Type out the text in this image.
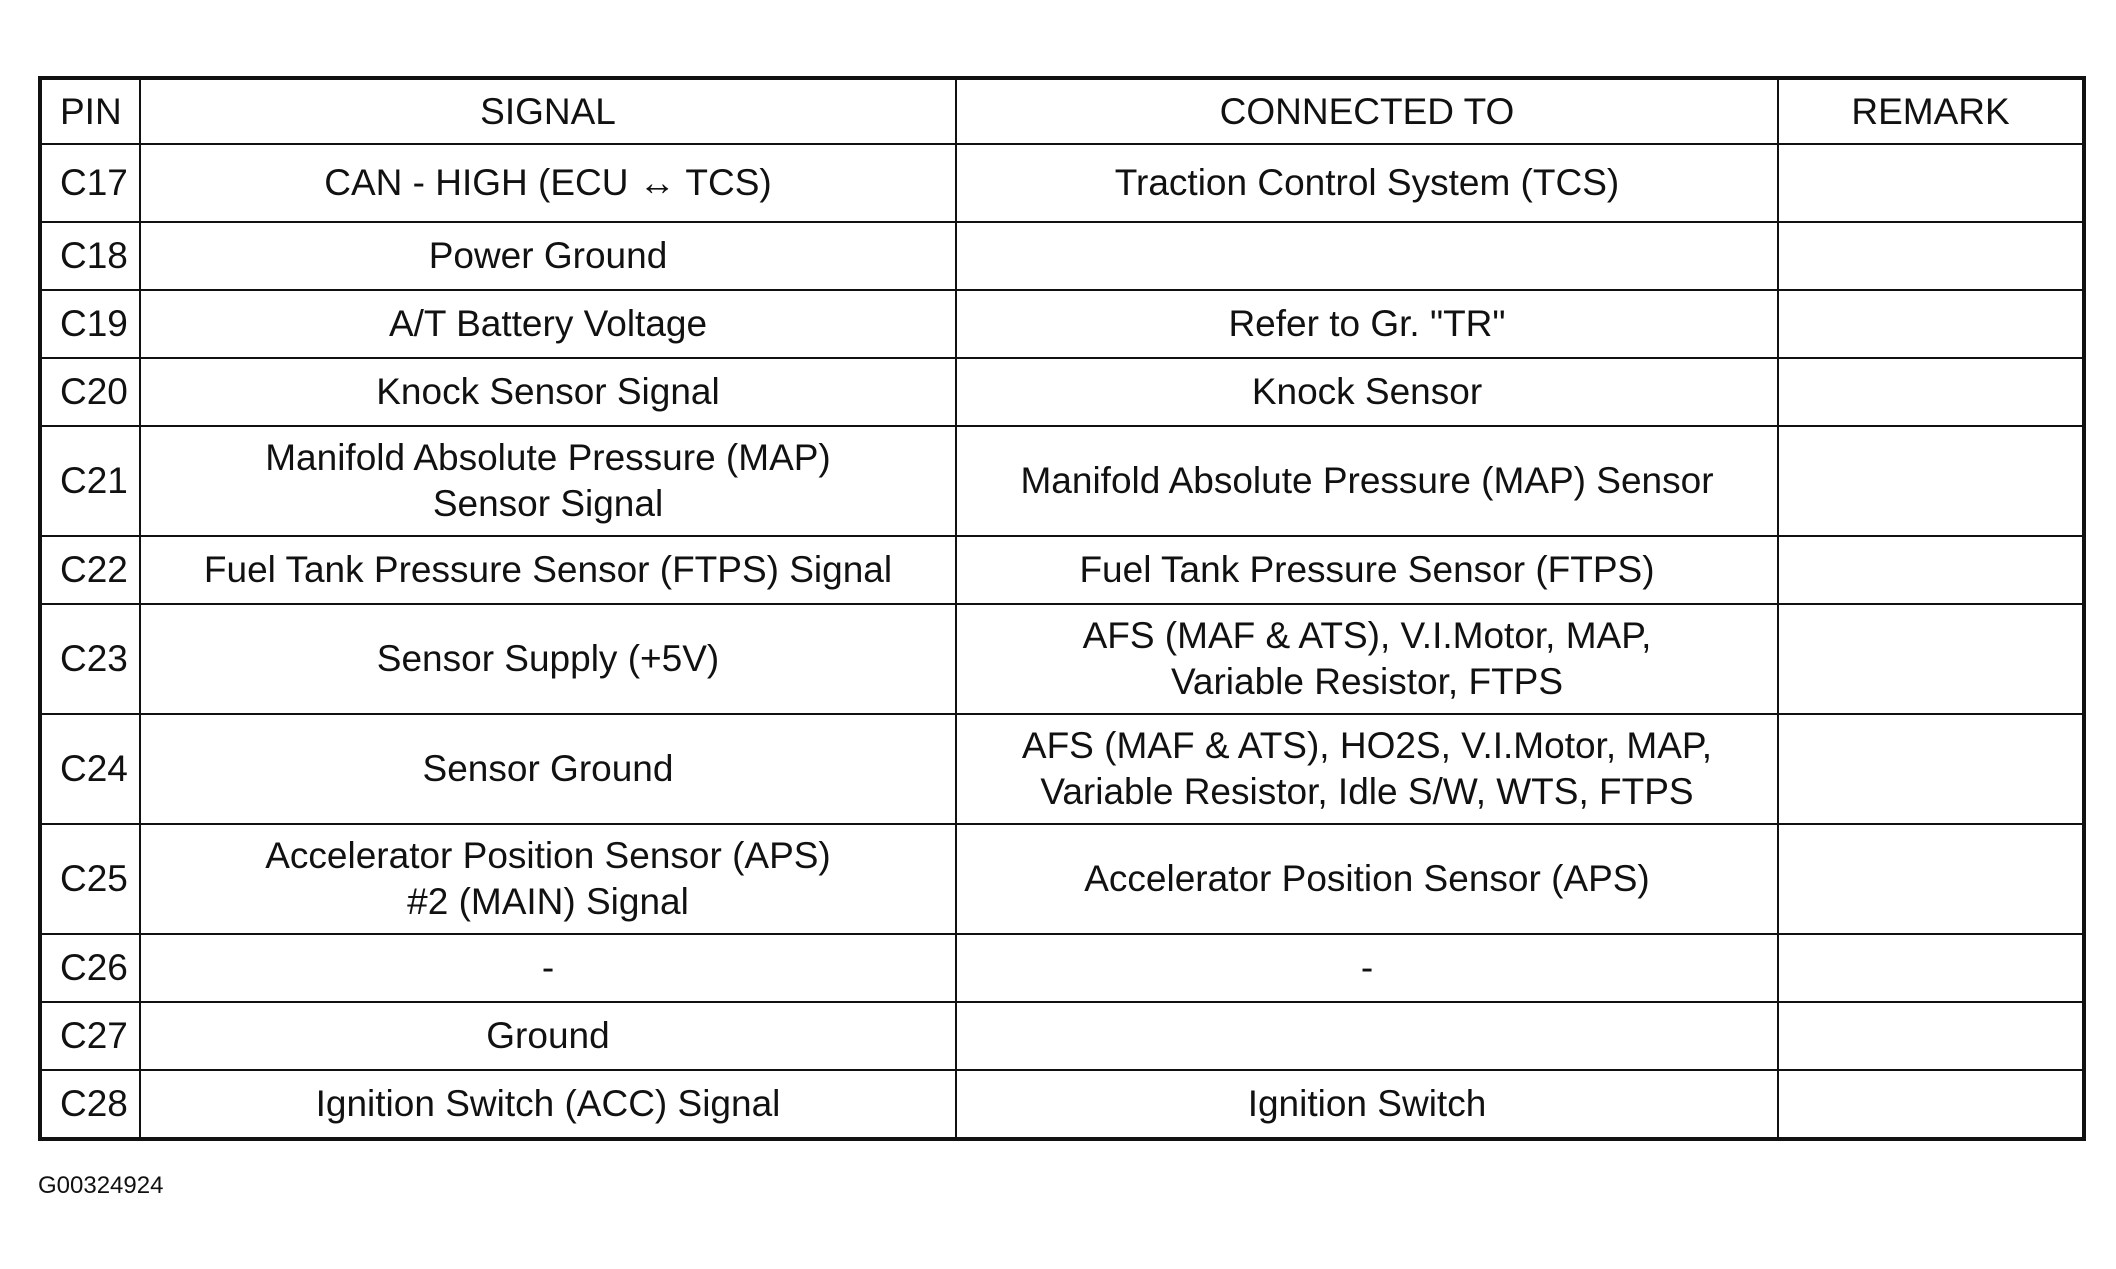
PIN	SIGNAL	CONNECTED TO	REMARK
C17	CAN - HIGH (ECU ↔ TCS)	Traction Control System (TCS)	

C18	Power Ground		

C19	A/T Battery Voltage	Refer to Gr. "TR"	

C20	Knock Sensor Signal	Knock Sensor	

C21	Manifold Absolute Pressure (MAP)
Sensor Signal	Manifold Absolute Pressure (MAP) Sensor	

C22	Fuel Tank Pressure Sensor (FTPS) Signal	Fuel Tank Pressure Sensor (FTPS)	

C23	Sensor Supply (+5V)	AFS (MAF & ATS), V.I.Motor, MAP,
Variable Resistor, FTPS	

C24	Sensor Ground	AFS (MAF & ATS), HO2S, V.I.Motor, MAP,
Variable Resistor, Idle S/W, WTS, FTPS	

C25	Accelerator Position Sensor (APS)
#2 (MAIN) Signal	Accelerator Position Sensor (APS)	

C26	-	-	

C27	Ground		

C28	Ignition Switch (ACC) Signal	Ignition Switch	

G00324924
